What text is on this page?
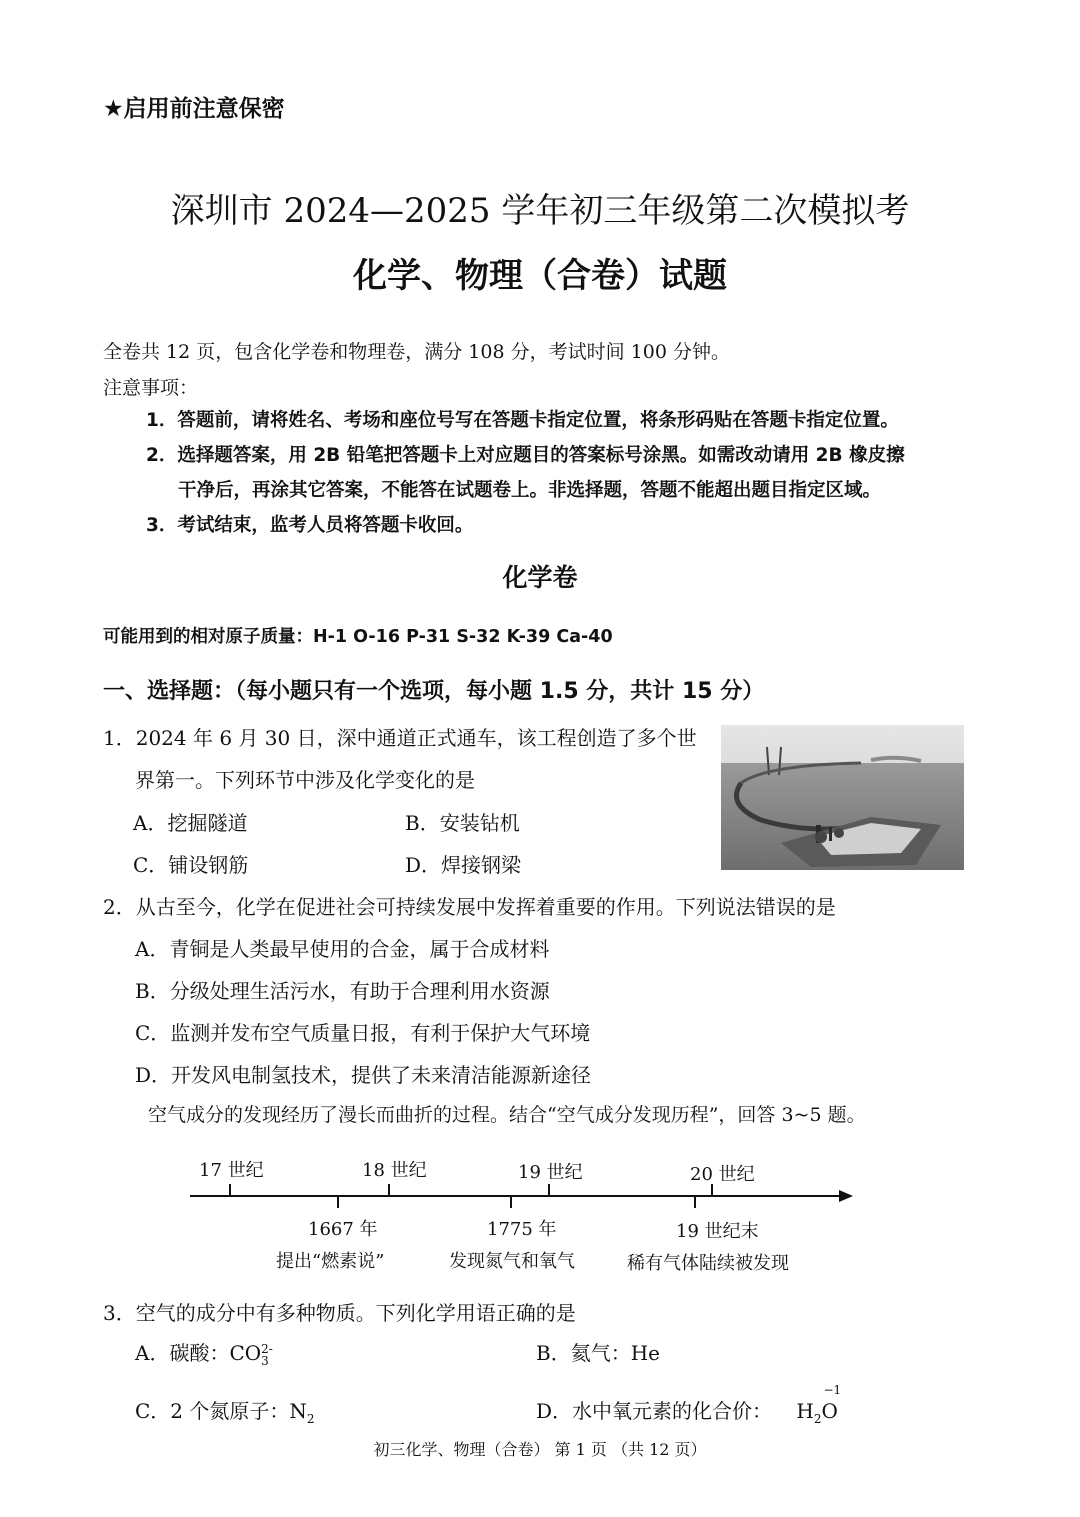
★启用前注意保密
深圳市 2024—2025 学年初三年级第二次模拟考
化学、物理（合卷）试题
全卷共 12 页，包含化学卷和物理卷，满分 108 分，考试时间 100 分钟。
注意事项：
1．答题前，请将姓名、考场和座位号写在答题卡指定位置，将条形码贴在答题卡指定位置。
2．选择题答案，用 2B 铅笔把答题卡上对应题目的答案标号涂黑。如需改动请用 2B 橡皮擦
干净后，再涂其它答案，不能答在试题卷上。非选择题，答题不能超出题目指定区域。
3．考试结束，监考人员将答题卡收回。
化学卷
可能用到的相对原子质量：H-1 O-16 P-31 S-32 K-39 Ca-40
一、选择题：（每小题只有一个选项，每小题 1.5 分，共计 15 分）
1．2024 年 6 月 30 日，深中通道正式通车，该工程创造了多个世
界第一。下列环节中涉及化学变化的是
A．挖掘隧道	B．安装钻机
C．铺设钢筋	D．焊接钢梁
2．从古至今，化学在促进社会可持续发展中发挥着重要的作用。下列说法错误的是
A．青铜是人类最早使用的合金，属于合成材料
B．分级处理生活污水，有助于合理利用水资源
C．监测并发布空气质量日报，有利于保护大气环境
D．开发风电制氢技术，提供了未来清洁能源新途径
空气成分的发现经历了漫长而曲折的过程。结合“空气成分发现历程”，回答 3~5 题。
17 世纪	18 世纪	19 世纪	20 世纪
1667 年
提出“燃素说”
1775 年
发现氮气和氧气
19 世纪末
稀有气体陆续被发现
3．空气的成分中有多种物质。下列化学用语正确的是
A．碳酸：CO 2-
3	B．氦气：He
C．2 个氮原子：$N_2$	D．水中氧元素的化合价： $H_2$
−1
O
初三化学、物理（合卷） 第 1 页 （共 12 页）
